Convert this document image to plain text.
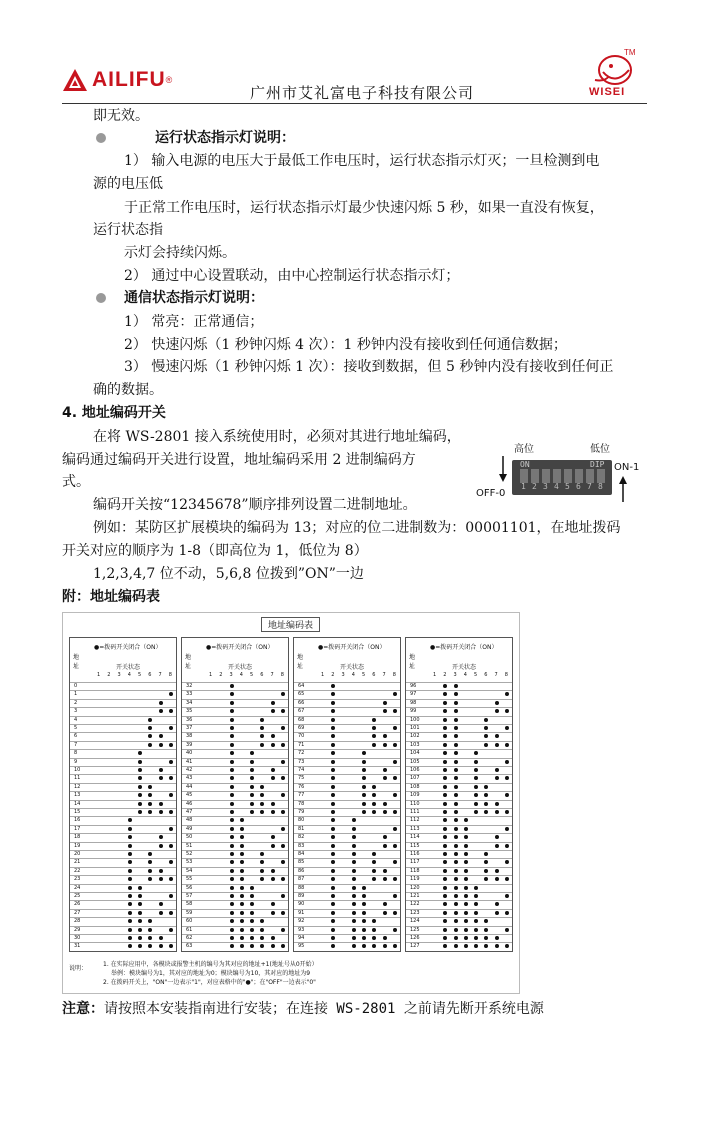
AILIFU ®
广州市艾礼富电子科技有限公司
TM
WISEI
即无效。
运行状态指示灯说明：
1） 输入电源的电压大于最低工作电压时，运行状态指示灯灭；一旦检测到电
源的电压低
于正常工作电压时，运行状态指示灯最少快速闪烁 5 秒，如果一直没有恢复，
运行状态指
示灯会持续闪烁。
2） 通过中心设置联动，由中心控制运行状态指示灯；
通信状态指示灯说明：
1） 常亮：正常通信；
2） 快速闪烁（1 秒钟闪烁 4 次）：1 秒钟内没有接收到任何通信数据；
3） 慢速闪烁（1 秒钟闪烁 1 次）：接收到数据，但 5 秒钟内没有接收到任何正
确的数据。
4. 地址编码开关
在将 WS-2801 接入系统使用时，必须对其进行地址编码，
编码通过编码开关进行设置，地址编码采用 2 进制编码方
式。
编码开关按“12345678”顺序排列设置二进制地址。
例如：某防区扩展模块的编码为 13；对应的位二进制数为：00001101，在地址拨码
开关对应的顺序为 1-8（即高位为 1，低位为 8）
1,2,3,4,7 位不动，5,6,8 位拨到”ON”一边
附：地址编码表
高位	低位
ON-1
OFF-0
ON	DIP
1 2 3 4 5 6 7 8
地址编码表
说明：
1. 在实际应用中，各模块或报警主机的编号为其对应的地址+1(地址号从0开始）
举例：模块编号为1，其对应的地址为0；模块编号为10，其对应的地址为9
2. 在拨码开关上，"ON"一边表示"1"，对应表格中的"●"；在"OFF"一边表示"0"
地址
●=拨码开关闭合（ON）
开关状态
1 2 3 4 5 6 7 8
0
1
2
3
4
5
6
7
8
9
10
11
12
13
14
15
16
17
18
19
20
21
22
23
24
25
26
27
28
29
30
31
地址
●=拨码开关闭合（ON）
开关状态
1 2 3 4 5 6 7 8
32
33
34
35
36
37
38
39
40
41
42
43
44
45
46
47
48
49
50
51
52
53
54
55
56
57
58
59
60
61
62
63
地址
●=拨码开关闭合（ON）
开关状态
1 2 3 4 5 6 7 8
64
65
66
67
68
69
70
71
72
73
74
75
76
77
78
79
80
81
82
83
84
85
86
87
88
89
90
91
92
93
94
95
地址
●=拨码开关闭合（ON）
开关状态
1 2 3 4 5 6 7 8
96
97
98
99
100
101
102
103
104
105
106
107
108
109
110
111
112
113
114
115
116
117
118
119
120
121
122
123
124
125
126
127
注意：请按照本安装指南进行安装；在连接 WS-2801 之前请先断开系统电源
